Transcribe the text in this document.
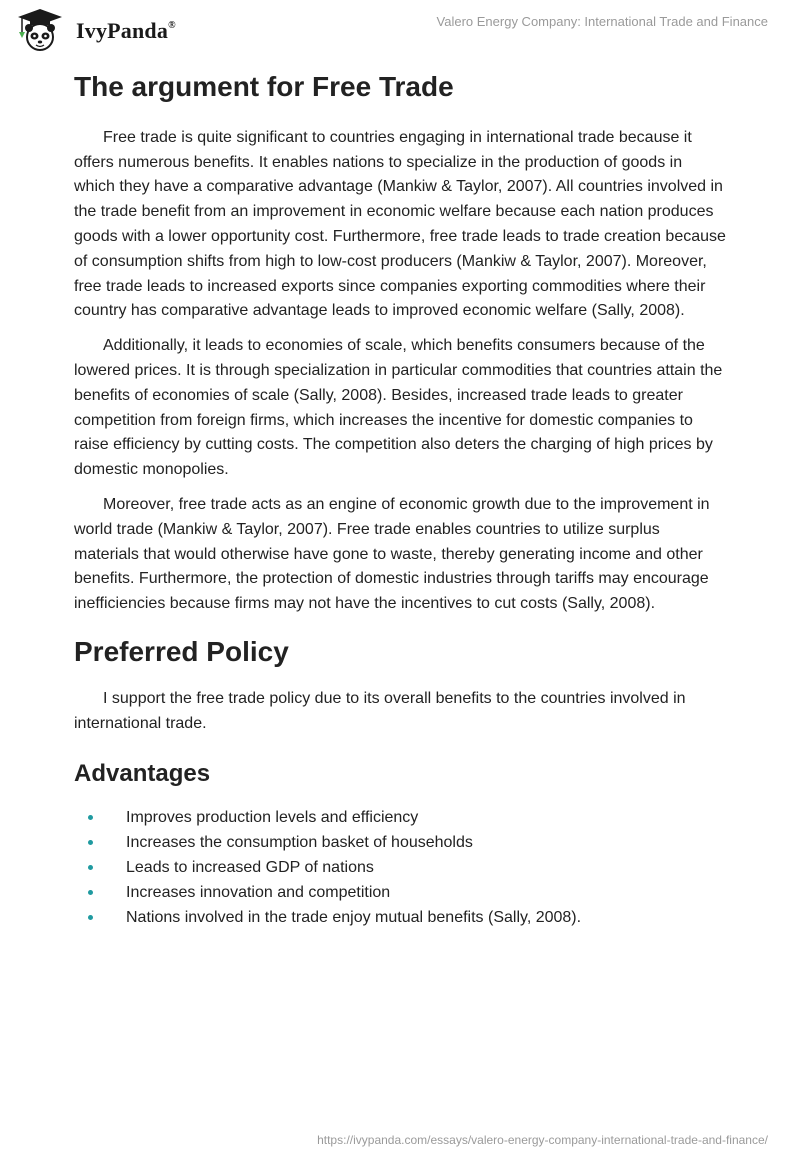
IvyPanda®	Valero Energy Company: International Trade and Finance
The argument for Free Trade

Free trade is quite significant to countries engaging in international trade because it offers numerous benefits. It enables nations to specialize in the production of goods in which they have a comparative advantage (Mankiw & Taylor, 2007). All countries involved in the trade benefit from an improvement in economic welfare because each nation produces goods with a lower opportunity cost. Furthermore, free trade leads to trade creation because of consumption shifts from high to low-cost producers (Mankiw & Taylor, 2007). Moreover, free trade leads to increased exports since companies exporting commodities where their country has comparative advantage leads to improved economic welfare (Sally, 2008).

Additionally, it leads to economies of scale, which benefits consumers because of the lowered prices. It is through specialization in particular commodities that countries attain the benefits of economies of scale (Sally, 2008). Besides, increased trade leads to greater competition from foreign firms, which increases the incentive for domestic companies to raise efficiency by cutting costs. The competition also deters the charging of high prices by domestic monopolies.

Moreover, free trade acts as an engine of economic growth due to the improvement in world trade (Mankiw & Taylor, 2007). Free trade enables countries to utilize surplus materials that would otherwise have gone to waste, thereby generating income and other benefits. Furthermore, the protection of domestic industries through tariffs may encourage inefficiencies because firms may not have the incentives to cut costs (Sally, 2008).

Preferred Policy

I support the free trade policy due to its overall benefits to the countries involved in international trade.

Advantages
Improves production levels and efficiency
Increases the consumption basket of households
Leads to increased GDP of nations
Increases innovation and competition
Nations involved in the trade enjoy mutual benefits (Sally, 2008).
https://ivypanda.com/essays/valero-energy-company-international-trade-and-finance/
